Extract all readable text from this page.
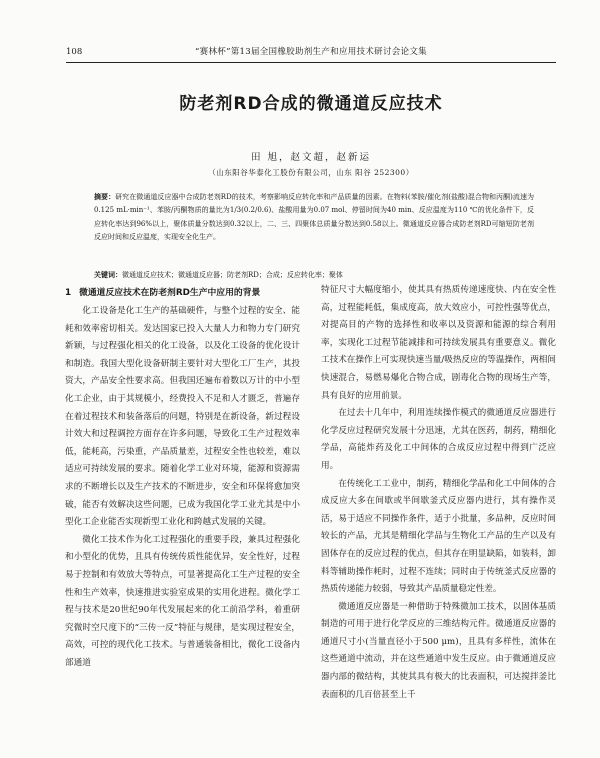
108	“赛林杯”第13届全国橡胶助剂生产和应用技术研讨会论文集
防老剂RD合成的微通道反应技术
田 旭，赵文超，赵新运
（山东阳谷华泰化工股份有限公司，山东 阳谷 252300）

摘要：研究在微通道反应器中合成防老剂RD的技术，考察影响反应转化率和产品质量的因素。在物料(苯胺/催化剂(盐酸)混合物和丙酮)流速为0.125 mL·min⁻¹、苯胺/丙酮物质的量比为1/3(0.2/0.6)、盐酸用量为0.07 mol、停留时间为40 min、反应温度为110 ℃的优化条件下，反应转化率达到96%以上，聚体质量分数达到0.32以上，二、三、四聚体总质量分数达到0.58以上。微通道反应器合成防老剂RD可缩短防老剂反应时间和反应温度，实现安全化生产。

关键词：微通道反应技术；微通道反应器；防老剂RD；合成；反应转化率；聚体

1 微通道反应技术在防老剂RD生产中应用的背景

化工设备是化工生产的基础硬件，与整个过程的安全、能耗和效率密切相关。发达国家已投入大量人力和物力专门研究新颖，与过程强化相关的化工设备，以及化工设备的优化设计和制造。我国大型化设备研制主要针对大型化工厂生产，其投资大，产品安全性要求高。但我国还遍布着数以万计的中小型化工企业，由于其规模小，经费投入不足和人才匮乏，普遍存在着过程技术和装备落后的问题，特别是在新设备，新过程设计效大和过程调控方面存在许多问题，导致化工生产过程效率低，能耗高，污染重，产品质量差，过程安全性也较差，难以适应可持续发展的要求。随着化学工业对环境，能源和资源需求的不断增长以及生产技术的不断进步，安全和环保将愈加突破，能否有效解决这些问题，已成为我国化学工业尤其是中小型化工企业能否实现新型工业化和跨越式发展的关键。

微化工技术作为化工过程强化的重要手段，兼具过程强化和小型化的优势，且具有传统传质性能优异，安全性好，过程易于控制和有效放大等特点，可显著提高化工生产过程的安全性和生产效率，快速推进实验室成果的实用化进程。微化学工程与技术是20世纪90年代发展起来的化工前沿学科，着重研究微时空尺度下的“三传一反”特征与规律，是实现过程安全，高效，可控的现代化工技术。与普通装备相比，微化工设备内部通道

特征尺寸大幅度缩小，使其具有热质传递速度快、内在安全性高，过程能耗低，集成度高，放大效应小，可控性强等优点，对提高目的产物的选择性和收率以及资源和能源的综合利用率，实现化工过程节能减排和可持续发展具有重要意义。微化工技术在操作上可实现快速当量/吸热反应的等温操作，两相间快速混合，易燃易爆化合物合成，剧毒化合物的现场生产等，具有良好的应用前景。

在过去十几年中，利用连续操作模式的微通道反应器进行化学反应过程研究发展十分迅速，尤其在医药，制药，精细化学品，高能炸药及化工中间体的合成反应过程中得到广泛应用。

在传统化工工业中，制药，精细化学品和化工中间体的合成反应大多在间歇或半间歇釜式反应器内进行，其有操作灵活，易于适应不同操作条件，适于小批量，多品种，反应时间较长的产品，尤其是精细化学品与生物化工产品的生产以及有固体存在的反应过程的优点，但其存在明显缺陷，如装料，卸料等辅助操作耗时，过程不连续；同时由于传统釜式反应器的热质传递能力较弱，导致其产品质量稳定性差。

微通道反应器是一种借助于特殊微加工技术，以固体基质制造的可用于进行化学反应的三维结构元件。微通道反应器的通道尺寸小(当量直径小于500 μm)，且具有多样性，流体在这些通道中流动，并在这些通道中发生反应。由于微通道反应器内部的微结构，其使其具有极大的比表面积，可达搅拌釜比表面积的几百倍甚至上千
